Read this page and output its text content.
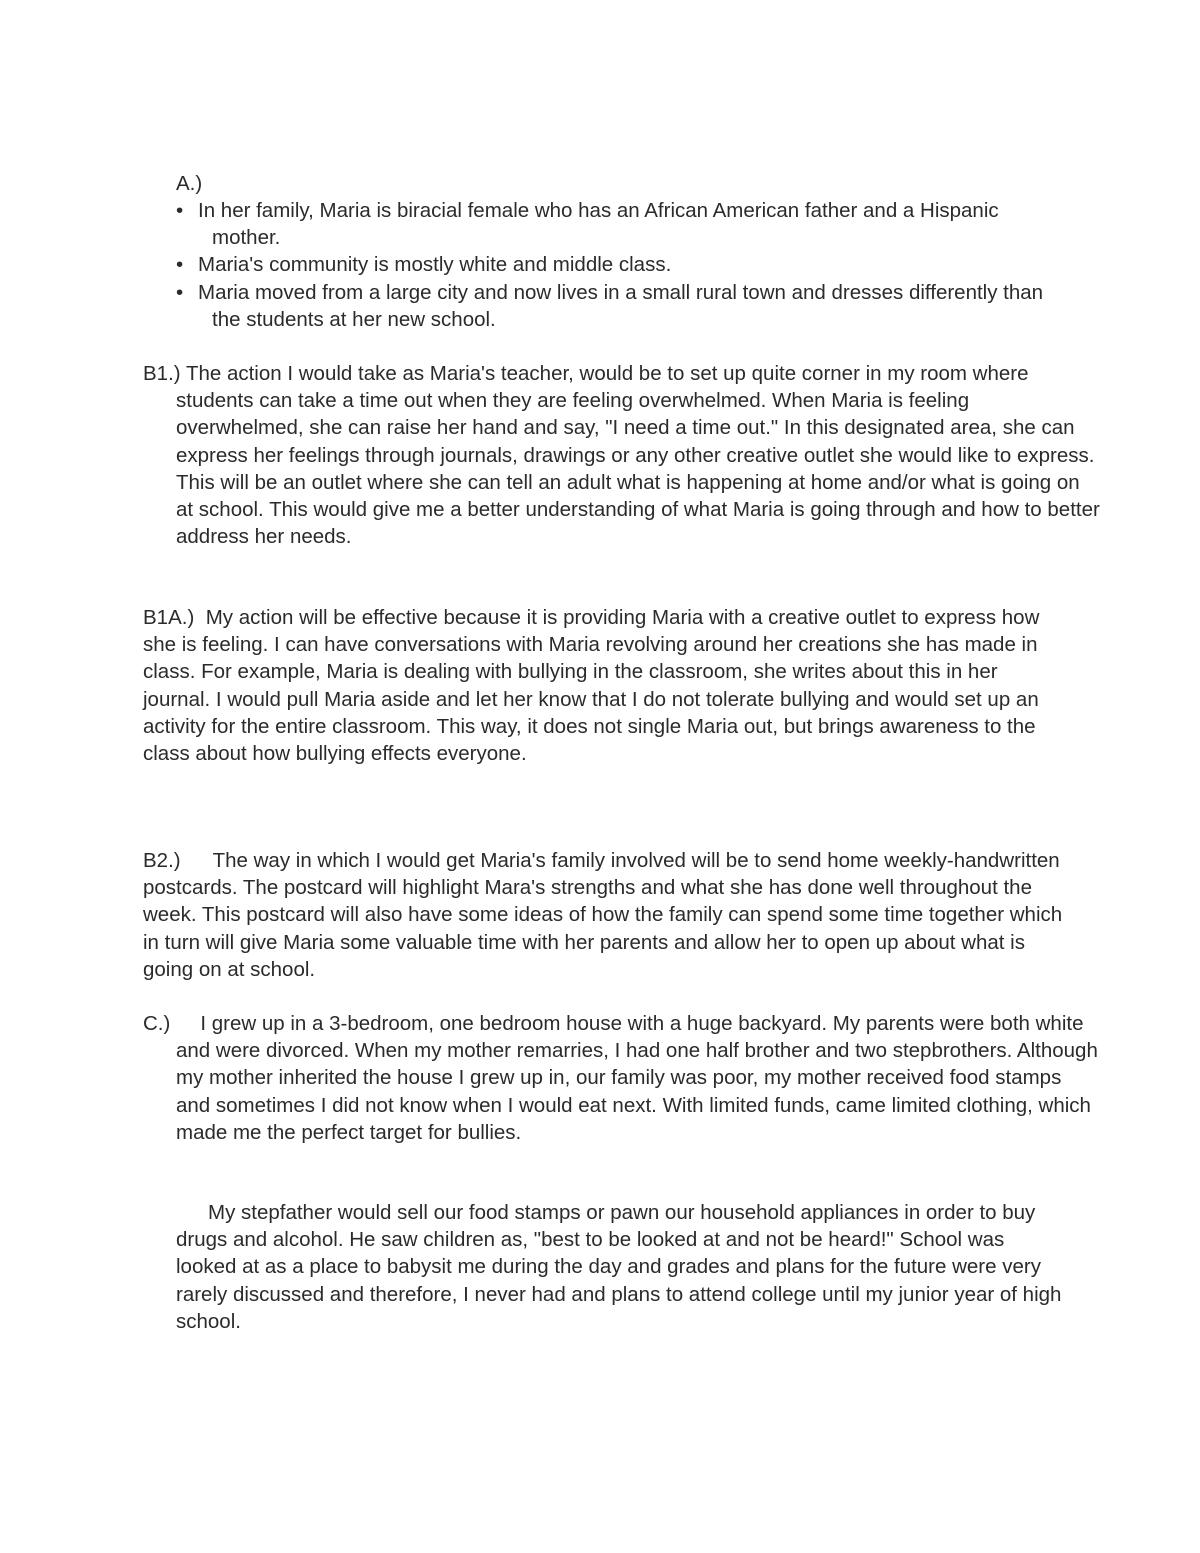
A.)
• In her family, Maria is biracial female who has an African American father and a Hispanic mother.
• Maria's community is mostly white and middle class.
• Maria moved from a large city and now lives in a small rural town and dresses differently than the students at her new school.

B1.) The action I would take as Maria's teacher, would be to set up quite corner in my room where students can take a time out when they are feeling overwhelmed. When Maria is feeling overwhelmed, she can raise her hand and say, "I need a time out." In this designated area, she can express her feelings through journals, drawings or any other creative outlet she would like to express. This will be an outlet where she can tell an adult what is happening at home and/or what is going on at school. This would give me a better understanding of what Maria is going through and how to better address her needs.

B1A.) My action will be effective because it is providing Maria with a creative outlet to express how she is feeling. I can have conversations with Maria revolving around her creations she has made in class. For example, Maria is dealing with bullying in the classroom, she writes about this in her journal. I would pull Maria aside and let her know that I do not tolerate bullying and would set up an activity for the entire classroom. This way, it does not single Maria out, but brings awareness to the class about how bullying effects everyone.

B2.) The way in which I would get Maria's family involved will be to send home weekly-handwritten postcards. The postcard will highlight Mara's strengths and what she has done well throughout the week. This postcard will also have some ideas of how the family can spend some time together which in turn will give Maria some valuable time with her parents and allow her to open up about what is going on at school.

C.) I grew up in a 3-bedroom, one bedroom house with a huge backyard. My parents were both white and were divorced. When my mother remarries, I had one half brother and two stepbrothers. Although my mother inherited the house I grew up in, our family was poor, my mother received food stamps and sometimes I did not know when I would eat next. With limited funds, came limited clothing, which made me the perfect target for bullies.

My stepfather would sell our food stamps or pawn our household appliances in order to buy drugs and alcohol. He saw children as, "best to be looked at and not be heard!" School was looked at as a place to babysit me during the day and grades and plans for the future were very rarely discussed and therefore, I never had and plans to attend college until my junior year of high school.
